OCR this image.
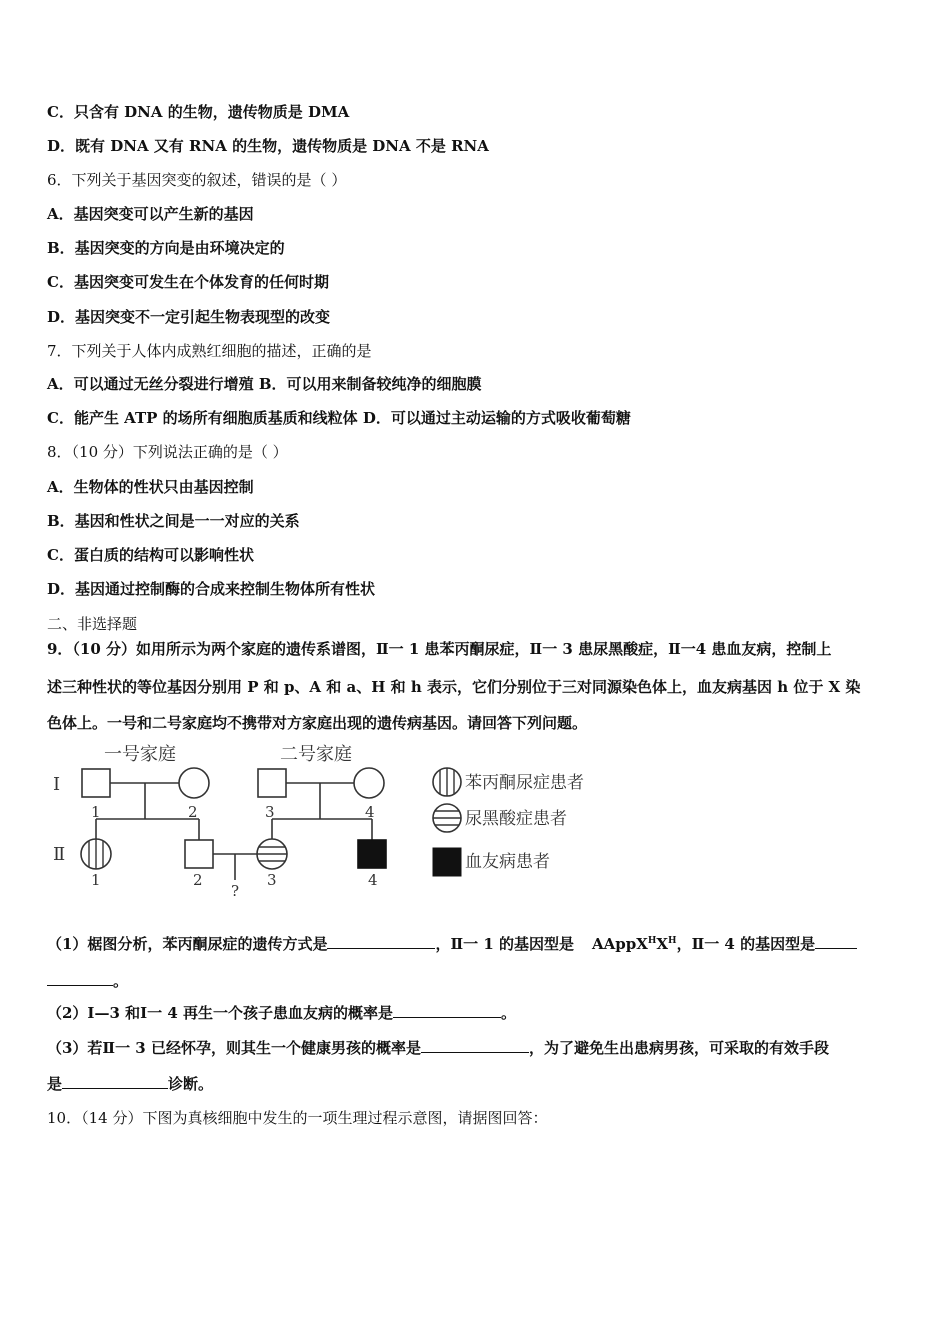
C．只含有 DNA 的生物，遗传物质是 DMA
D．既有 DNA 又有 RNA 的生物，遗传物质是 DNA 不是 RNA
6．下列关于基因突变的叙述，错误的是（ ）
A．基因突变可以产生新的基因
B．基因突变的方向是由环境决定的
C．基因突变可发生在个体发育的任何时期
D．基因突变不一定引起生物表现型的改变
7．下列关于人体内成熟红细胞的描述，正确的是
A．可以通过无丝分裂进行增殖 B．可以用来制备较纯净的细胞膜
C．能产生 ATP 的场所有细胞质基质和线粒体 D．可以通过主动运输的方式吸收葡萄糖
8．（10 分）下列说法正确的是（ ）
A．生物体的性状只由基因控制
B．基因和性状之间是一一对应的关系
C．蛋白质的结构可以影响性状
D．基因通过控制酶的合成来控制生物体所有性状
二、非选择题
9．（10 分）如用所示为两个家庭的遗传系谱图，Ⅱ一 1 患苯丙酮尿症，Ⅱ一 3 患尿黑酸症，Ⅱ一4 患血友病，控制上
述三种性状的等位基因分别用 P 和 p、A 和 a、H 和 h 表示，它们分别位于三对同源染色体上，血友病基因 h 位于 X 染
色体上。一号和二号家庭均不携带对方家庭出现的遗传病基因。请回答下列问题。
一号家庭	二号家庭
Ⅰ
Ⅱ
1	2
1	2
3	4
3	4
?
苯丙酮尿症患者
尿黑酸症患者
血友病患者
（1）椐图分析，苯丙酮尿症的遗传方式是	，Ⅱ一 1 的基因型是 $AAppX^HX^H$，Ⅱ一 4 的基因型是
。
（2）Ⅰ—3 和Ⅰ一 4 再生一个孩子患血友病的概率是	。
（3）若Ⅱ一 3 已经怀孕，则其生一个健康男孩的概率是	，为了避免生出患病男孩，可采取的有效手段
是	诊断。
10．（14 分）下图为真核细胞中发生的一项生理过程示意图，请据图回答：
